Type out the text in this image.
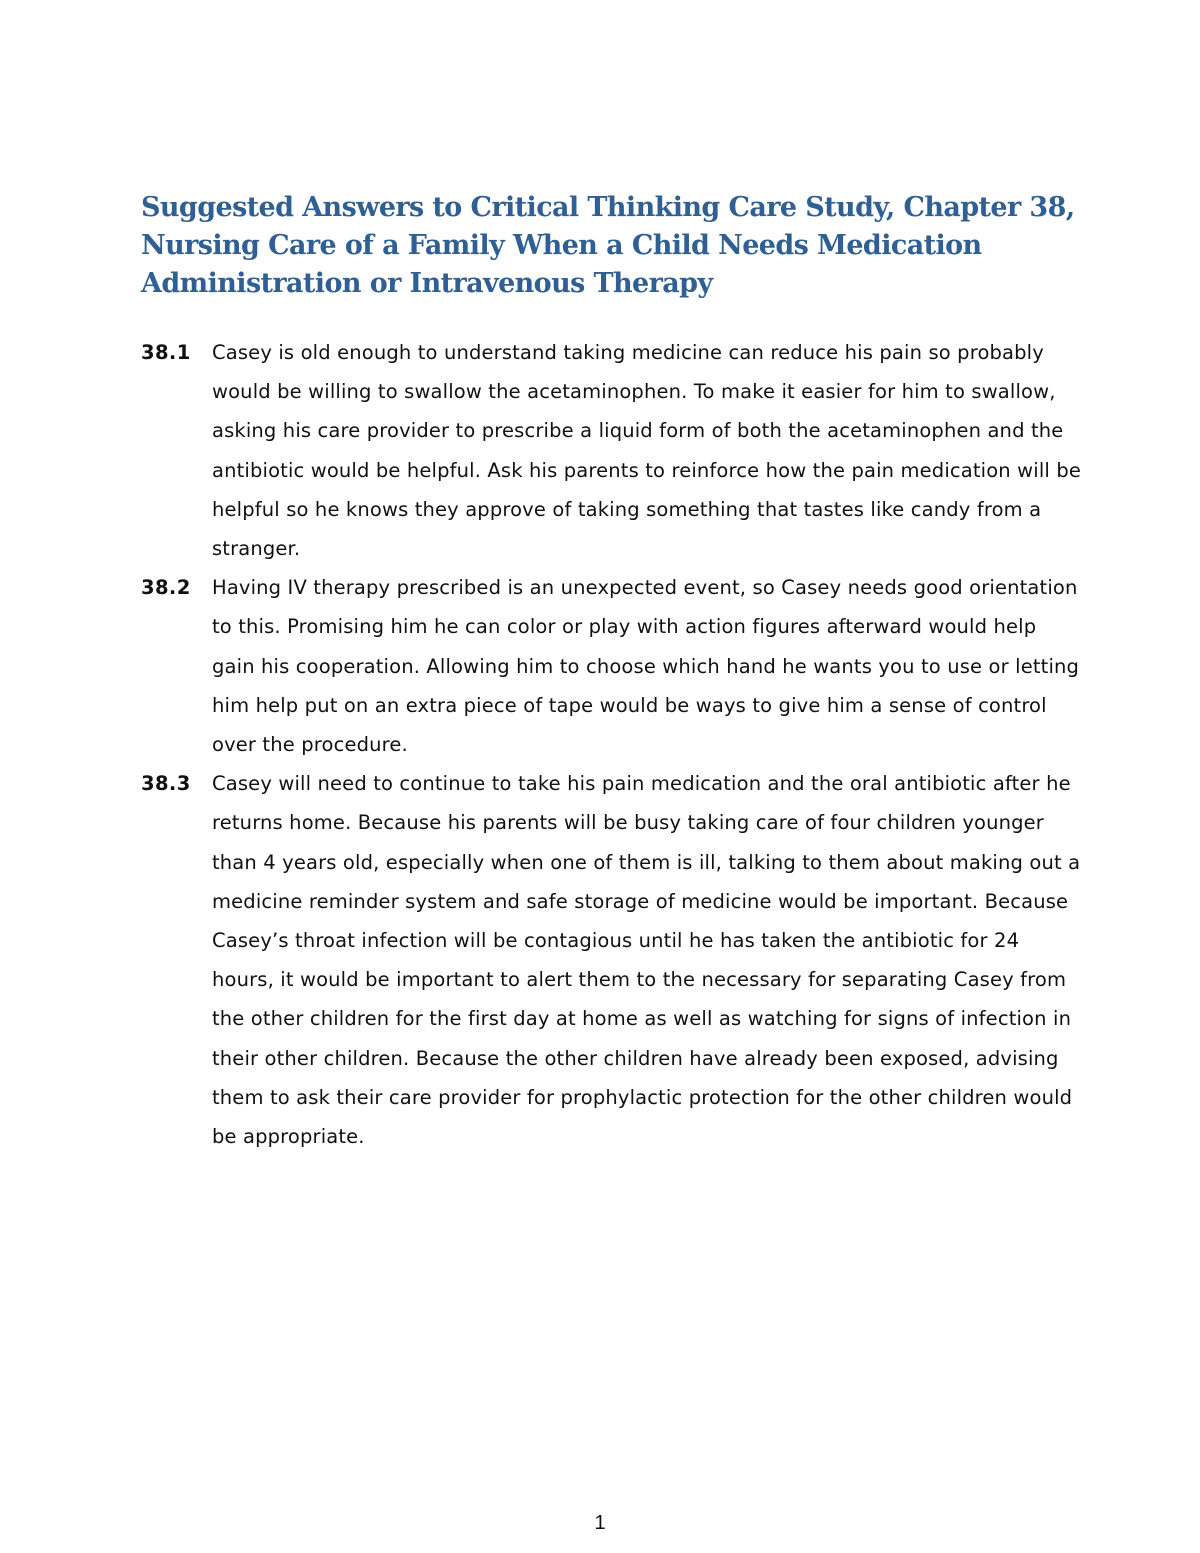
Suggested Answers to Critical Thinking Care Study, Chapter 38, Nursing Care of a Family When a Child Needs Medication Administration or Intravenous Therapy
38.1	Casey is old enough to understand taking medicine can reduce his pain so probably would be willing to swallow the acetaminophen. To make it easier for him to swallow, asking his care provider to prescribe a liquid form of both the acetaminophen and the antibiotic would be helpful. Ask his parents to reinforce how the pain medication will be helpful so he knows they approve of taking something that tastes like candy from a stranger.

38.2	Having IV therapy prescribed is an unexpected event, so Casey needs good orientation to this. Promising him he can color or play with action figures afterward would help gain his cooperation. Allowing him to choose which hand he wants you to use or letting him help put on an extra piece of tape would be ways to give him a sense of control over the procedure.

38.3	Casey will need to continue to take his pain medication and the oral antibiotic after he returns home. Because his parents will be busy taking care of four children younger than 4 years old, especially when one of them is ill, talking to them about making out a medicine reminder system and safe storage of medicine would be important. Because Casey’s throat infection will be contagious until he has taken the antibiotic for 24 hours, it would be important to alert them to the necessary for separating Casey from the other children for the first day at home as well as watching for signs of infection in their other children. Because the other children have already been exposed, advising them to ask their care provider for prophylactic protection for the other children would be appropriate.

1
